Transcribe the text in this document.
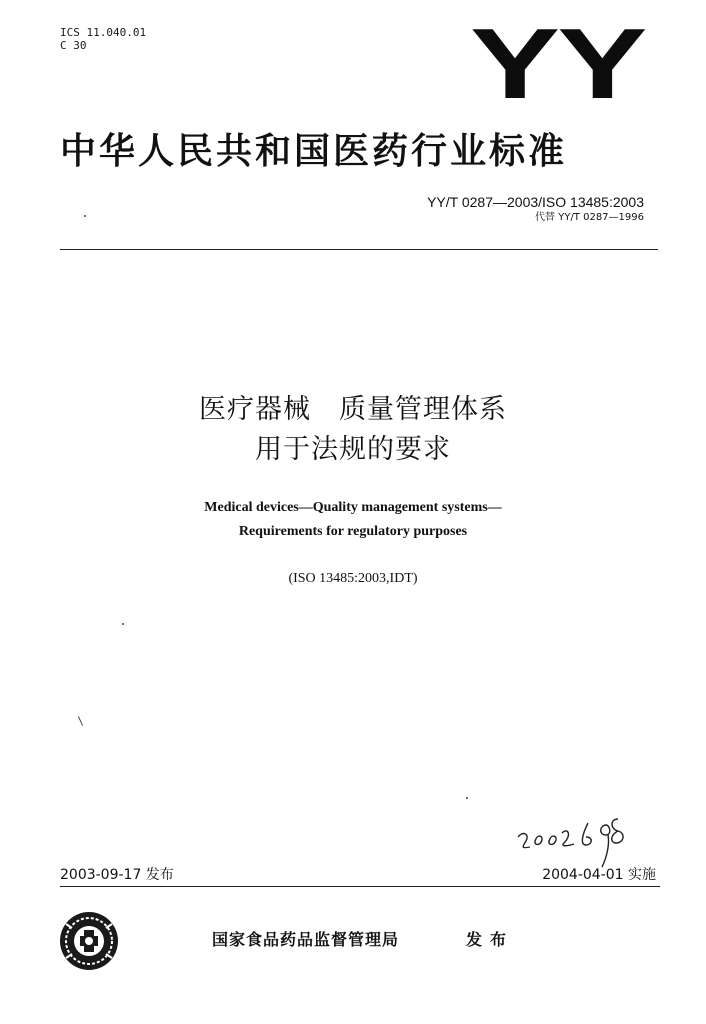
ICS 11.040.01
C 30	YY
中华人民共和国医药行业标准
YY/T 0287—2003/ISO 13485:2003
代替 YY/T 0287—1996
医疗器械　质量管理体系
用于法规的要求
Medical devices—Quality management systems—
Requirements for regulatory purposes
(ISO 13485:2003,IDT)
2003-09-17 发布	2004-04-01 实施
国家食品药品监督管理局	发布
